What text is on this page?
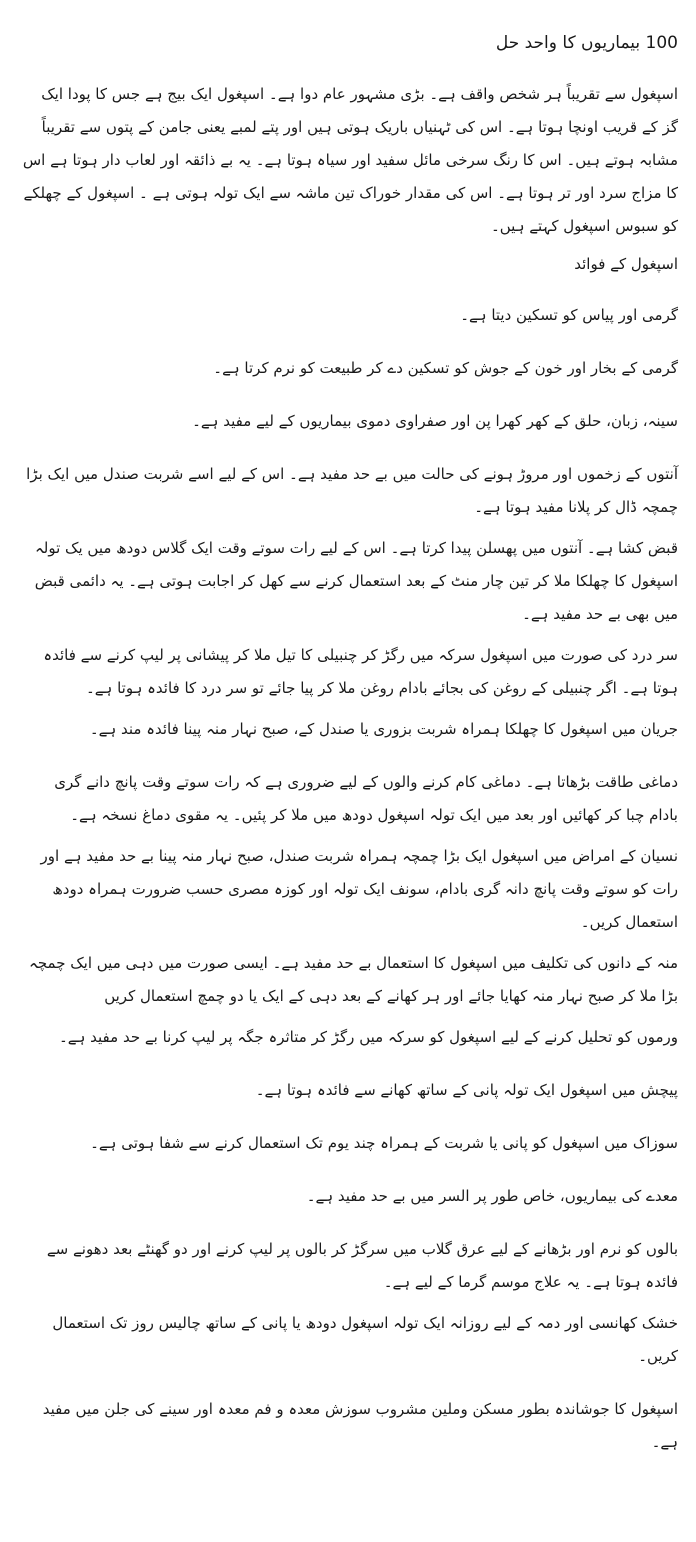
100 بیماریوں کا واحد حل

اسپغول سے تقریباً ہر شخص واقف ہے۔ بڑی مشہور عام دوا ہے۔ اسپغول ایک بیج ہے جس کا پودا ایک گز کے قریب اونچا ہوتا ہے۔ اس کی ٹہنیاں باریک ہوتی ہیں اور پتے لمبے یعنی جامن کے پتوں سے تقریباً مشابہ ہوتے ہیں۔ اس کا رنگ سرخی مائل سفید اور سیاہ ہوتا ہے۔ یہ بے ذائقہ اور لعاب دار ہوتا ہے اس کا مزاج سرد اور تر ہوتا ہے۔ اس کی مقدار خوراک تین ماشہ سے ایک تولہ ہوتی ہے ۔ اسپغول کے چھلکے کو سبوس اسپغول کہتے ہیں۔

اسپغول کے فوائد

گرمی اور پیاس کو تسکین دیتا ہے۔

گرمی کے بخار اور خون کے جوش کو تسکین دے کر طبیعت کو نرم کرتا ہے۔

سینہ، زبان، حلق کے کھر کھرا پن اور صفراوی دموی بیماریوں کے لیے مفید ہے۔

آنتوں کے زخموں اور مروڑ ہونے کی حالت میں بے حد مفید ہے۔ اس کے لیے اسے شربت صندل میں ایک بڑا چمچہ ڈال کر پلانا مفید ہوتا ہے۔

قبض کشا ہے۔ آنتوں میں پھسلن پیدا کرتا ہے۔ اس کے لیے رات سوتے وقت ایک گلاس دودھ میں یک تولہ اسپغول کا چھلکا ملا کر تین چار منٹ کے بعد استعمال کرنے سے کھل کر اجابت ہوتی ہے۔ یہ دائمی قبض میں بھی بے حد مفید ہے۔

سر درد کی صورت میں اسپغول سرکہ میں رگڑ کر چنبیلی کا تیل ملا کر پیشانی پر لیپ کرنے سے فائدہ ہوتا ہے۔ اگر چنبیلی کے روغن کی بجائے بادام روغن ملا کر پیا جائے تو سر درد کا فائدہ ہوتا ہے۔

جریان میں اسپغول کا چھلکا ہمراہ شربت بزوری یا صندل کے، صبح نہار منہ پینا فائدہ مند ہے۔

دماغی طاقت بڑھاتا ہے۔ دماغی کام کرنے والوں کے لیے ضروری ہے کہ رات سوتے وقت پانچ دانے گری بادام چبا کر کھائیں اور بعد میں ایک تولہ اسپغول دودھ میں ملا کر پئیں۔ یہ مقوی دماغ نسخہ ہے۔

نسیان کے امراض میں اسپغول ایک بڑا چمچہ ہمراہ شربت صندل، صبح نہار منہ پینا بے حد مفید ہے اور رات کو سوتے وقت پانچ دانہ گری بادام، سونف ایک تولہ اور کوزہ مصری حسب ضرورت ہمراہ دودھ استعمال کریں۔

منہ کے دانوں کی تکلیف میں اسپغول کا استعمال بے حد مفید ہے۔ ایسی صورت میں دہی میں ایک چمچہ بڑا ملا کر صبح نہار منہ کھایا جائے اور ہر کھانے کے بعد دہی کے ایک یا دو چمچ استعمال کریں

ورموں کو تحلیل کرنے کے لیے اسپغول کو سرکہ میں رگڑ کر متاثرہ جگہ پر لیپ کرنا بے حد مفید ہے۔

پیچش میں اسپغول ایک تولہ پانی کے ساتھ کھانے سے فائدہ ہوتا ہے۔

سوزاک میں اسپغول کو پانی یا شربت کے ہمراہ چند یوم تک استعمال کرنے سے شفا ہوتی ہے۔

معدے کی بیماریوں، خاص طور پر السر میں بے حد مفید ہے۔

بالوں کو نرم اور بڑھانے کے لیے عرق گلاب میں سرگڑ کر بالوں پر لیپ کرنے اور دو گھنٹے بعد دھونے سے فائدہ ہوتا ہے۔ یہ علاج موسم گرما کے لیے ہے۔

خشک کھانسی اور دمہ کے لیے روزانہ ایک تولہ اسپغول دودھ یا پانی کے ساتھ چالیس روز تک استعمال کریں۔

اسپغول کا جوشاندہ بطور مسکن وملین مشروب سوزش معدہ و فم معدہ اور سینے کی جلن میں مفید ہے۔
